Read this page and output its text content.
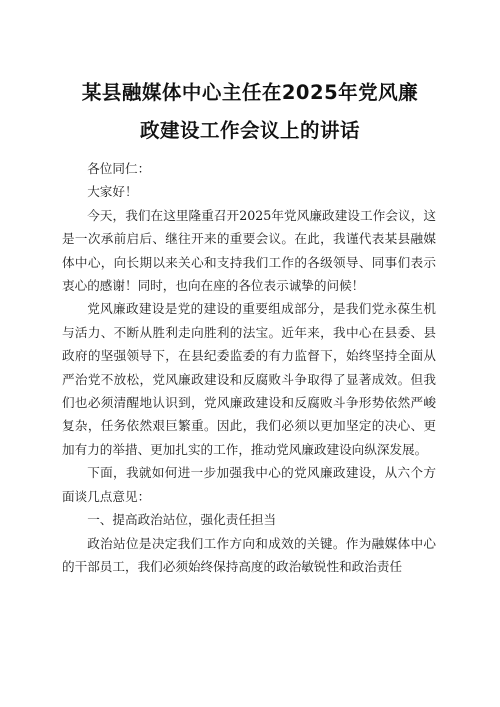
某县融媒体中心主任在2025年党风廉
政建设工作会议上的讲话

各位同仁：

大家好！

今天，我们在这里隆重召开2025年党风廉政建设工作会议，这是一次承前启后、继往开来的重要会议。在此，我谨代表某县融媒体中心，向长期以来关心和支持我们工作的各级领导、同事们表示衷心的感谢！同时，也向在座的各位表示诚挚的问候！

党风廉政建设是党的建设的重要组成部分，是我们党永葆生机与活力、不断从胜利走向胜利的法宝。近年来，我中心在县委、县政府的坚强领导下，在县纪委监委的有力监督下，始终坚持全面从严治党不放松，党风廉政建设和反腐败斗争取得了显著成效。但我们也必须清醒地认识到，党风廉政建设和反腐败斗争形势依然严峻复杂，任务依然艰巨繁重。因此，我们必须以更加坚定的决心、更加有力的举措、更加扎实的工作，推动党风廉政建设向纵深发展。

下面，我就如何进一步加强我中心的党风廉政建设，从六个方面谈几点意见：

一、提高政治站位，强化责任担当

政治站位是决定我们工作方向和成效的关键。作为融媒体中心的干部员工，我们必须始终保持高度的政治敏锐性和政治责任
